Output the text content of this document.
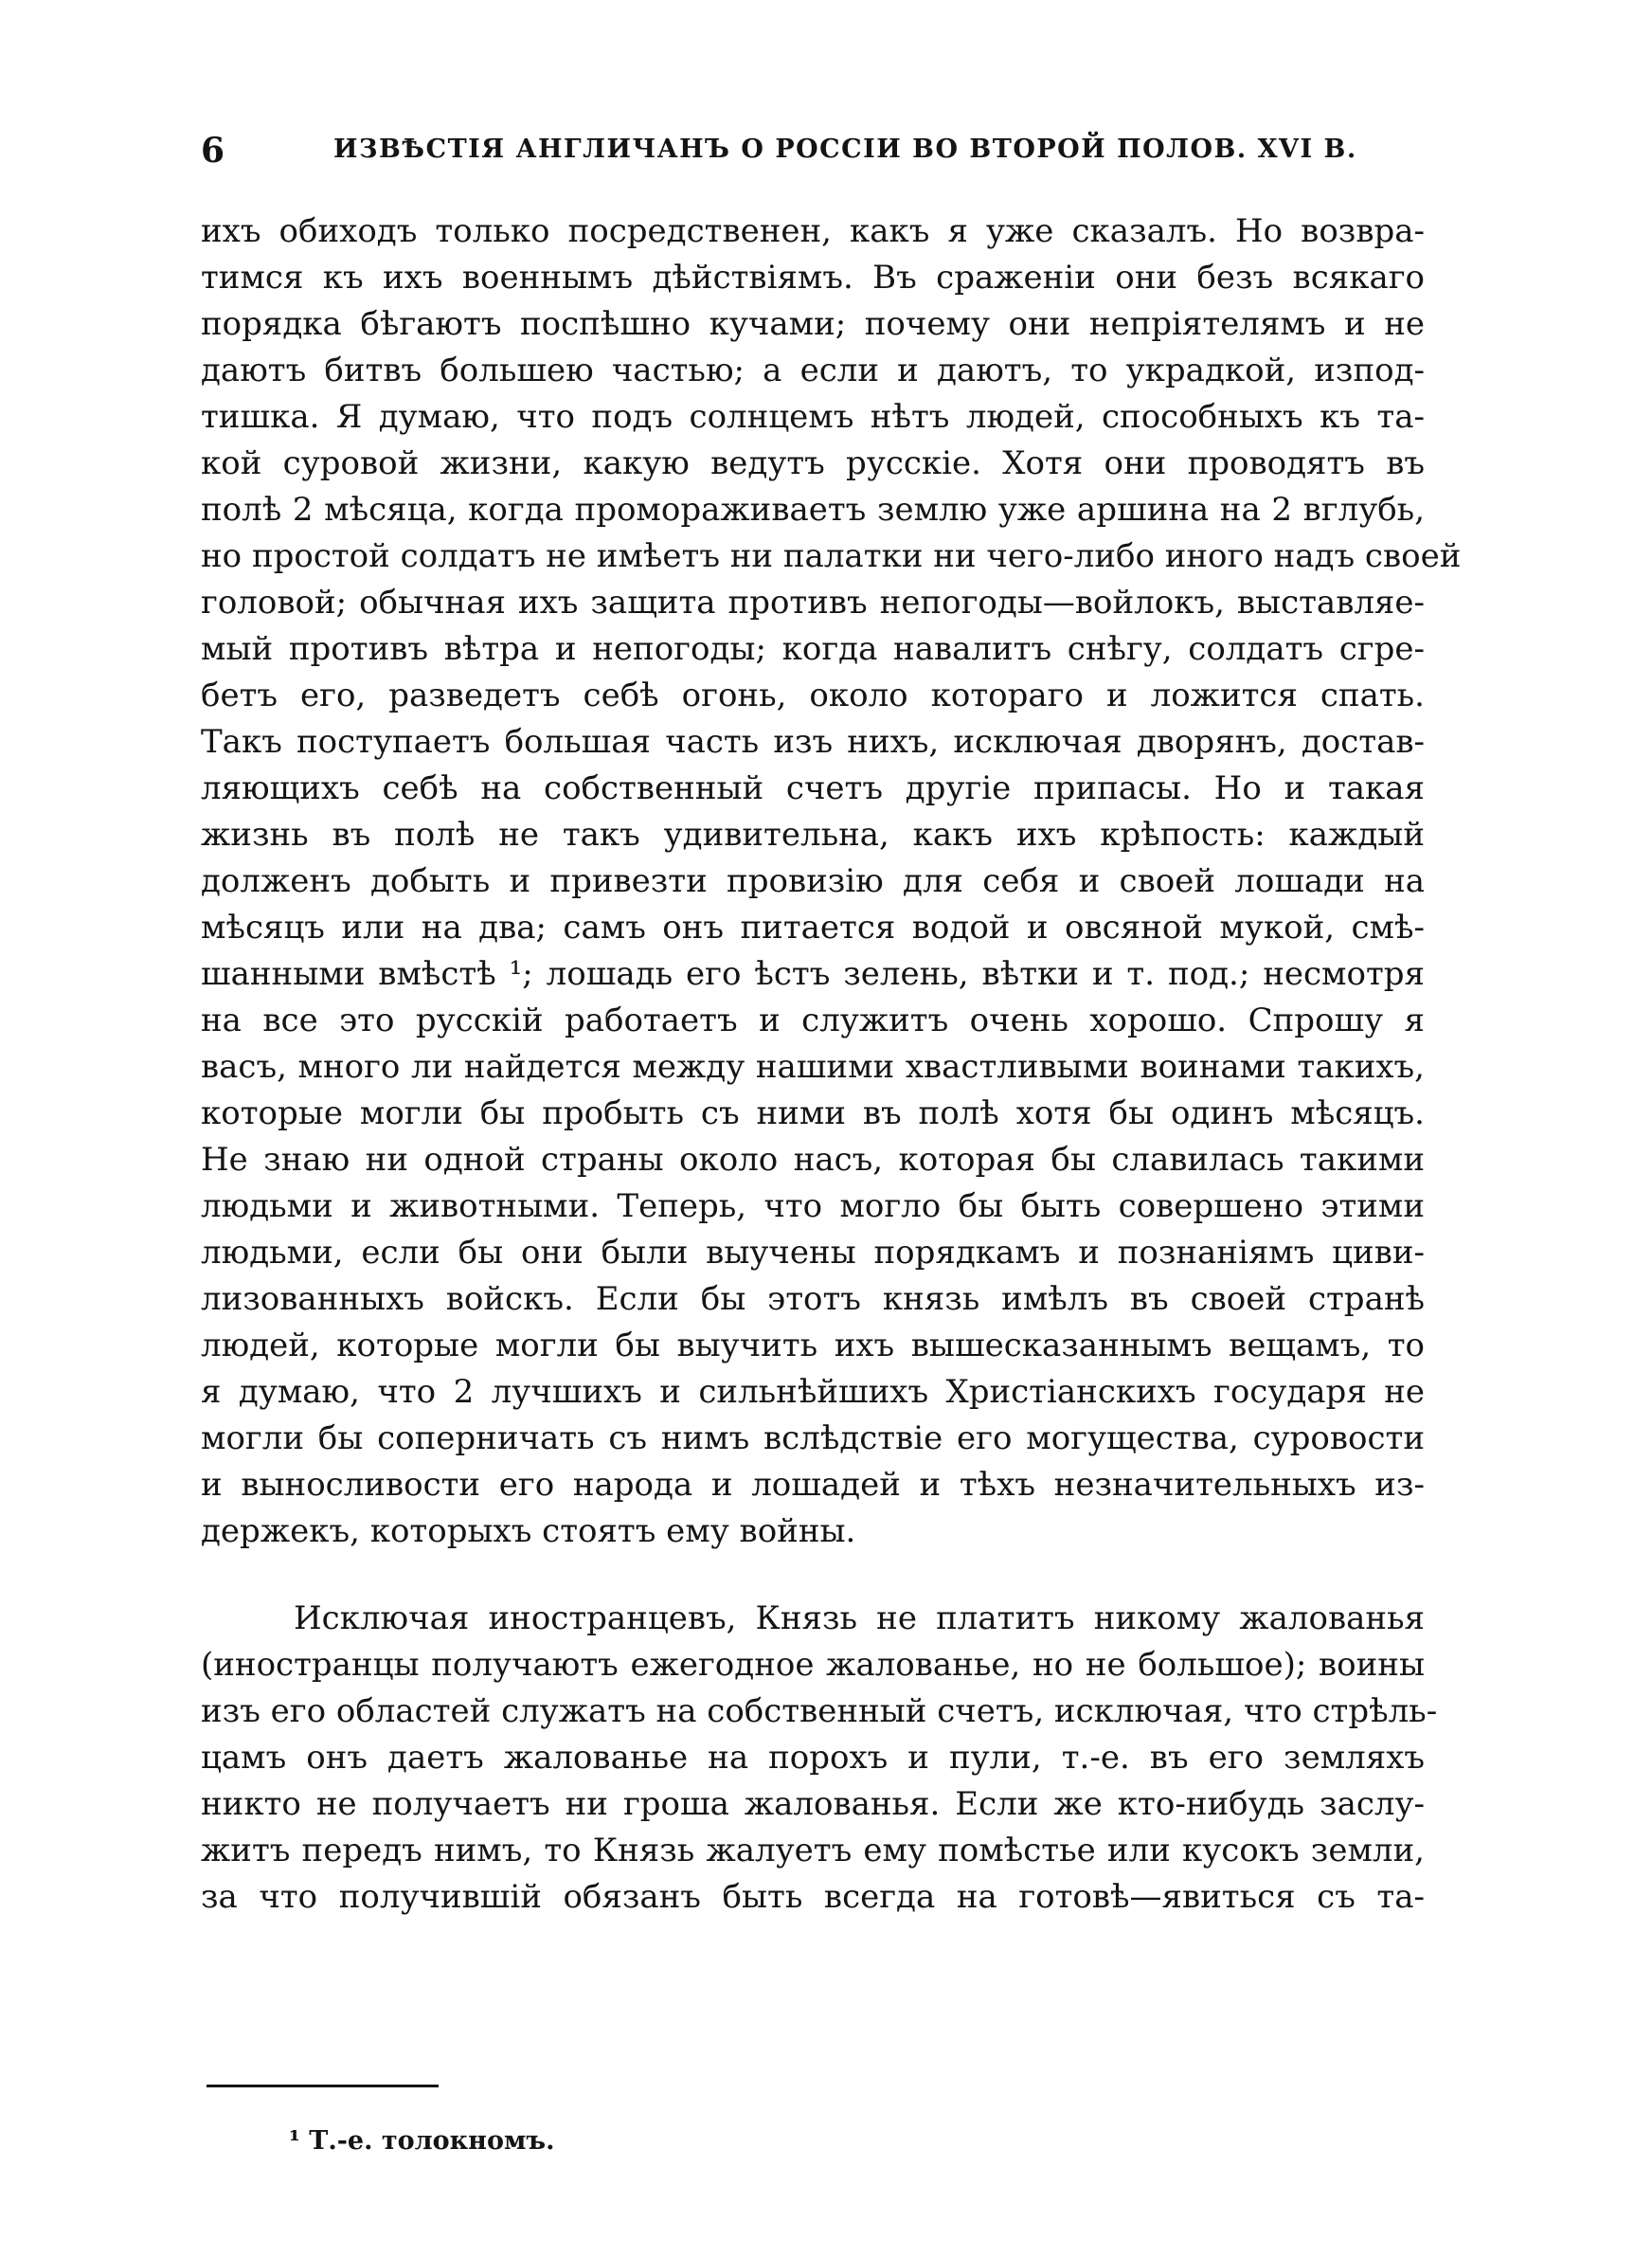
6	ИЗВѢСТІЯ АНГЛИЧАНЪ О РОССІИ ВО ВТОРОЙ ПОЛОВ. XVI В.
ихъ обиходъ только посредственен, какъ я уже сказалъ. Но возвра-
тимся къ ихъ военнымъ дѣйствіямъ. Въ сраженіи они безъ всякаго
порядка бѣгаютъ поспѣшно кучами; почему они непріятелямъ и не
даютъ битвъ большею частью; а если и даютъ, то украдкой, изпод-
тишка. Я думаю, что подъ солнцемъ нѣтъ людей, способныхъ къ та-
кой суровой жизни, какую ведутъ русскіе. Хотя они проводятъ въ
полѣ 2 мѣсяца, когда промораживаетъ землю уже аршина на 2 вглубь,
но простой солдатъ не имѣетъ ни палатки ни чего-либо иного надъ своей
головой; обычная ихъ защита противъ непогоды—войлокъ, выставляе-
мый противъ вѣтра и непогоды; когда навалитъ снѣгу, солдатъ сгре-
бетъ его, разведетъ себѣ огонь, около котораго и ложится спать.
Такъ поступаетъ большая часть изъ нихъ, исключая дворянъ, достав-
ляющихъ себѣ на собственный счетъ другіе припасы. Но и такая
жизнь въ полѣ не такъ удивительна, какъ ихъ крѣпость: каждый
долженъ добыть и привезти провизію для себя и своей лошади на
мѣсяцъ или на два; самъ онъ питается водой и овсяной мукой, смѣ-
шанными вмѣстѣ ¹; лошадь его ѣстъ зелень, вѣтки и т. под.; несмотря
на все это русскій работаетъ и служитъ очень хорошо. Спрошу я
васъ, много ли найдется между нашими хвастливыми воинами такихъ,
которые могли бы пробыть съ ними въ полѣ хотя бы одинъ мѣсяцъ.
Не знаю ни одной страны около насъ, которая бы славилась такими
людьми и животными. Теперь, что могло бы быть совершено этими
людьми, если бы они были выучены порядкамъ и познаніямъ циви-
лизованныхъ войскъ. Если бы этотъ князь имѣлъ въ своей странѣ
людей, которые могли бы выучить ихъ вышесказаннымъ вещамъ, то
я думаю, что 2 лучшихъ и сильнѣйшихъ Христіанскихъ государя не
могли бы соперничать съ нимъ вслѣдствіе его могущества, суровости
и выносливости его народа и лошадей и тѣхъ незначительныхъ из-
держекъ, которыхъ стоятъ ему войны.
Исключая иностранцевъ, Князь не платитъ никому жалованья
(иностранцы получаютъ ежегодное жалованье, но не большое); воины
изъ его областей служатъ на собственный счетъ, исключая, что стрѣль-
цамъ онъ даетъ жалованье на порохъ и пули, т.-е. въ его земляхъ
никто не получаетъ ни гроша жалованья. Если же кто-нибудь заслу-
житъ передъ нимъ, то Князь жалуетъ ему помѣстье или кусокъ земли,
за что получившій обязанъ быть всегда на готовѣ—явиться съ та-
¹ Т.-е. толокномъ.
